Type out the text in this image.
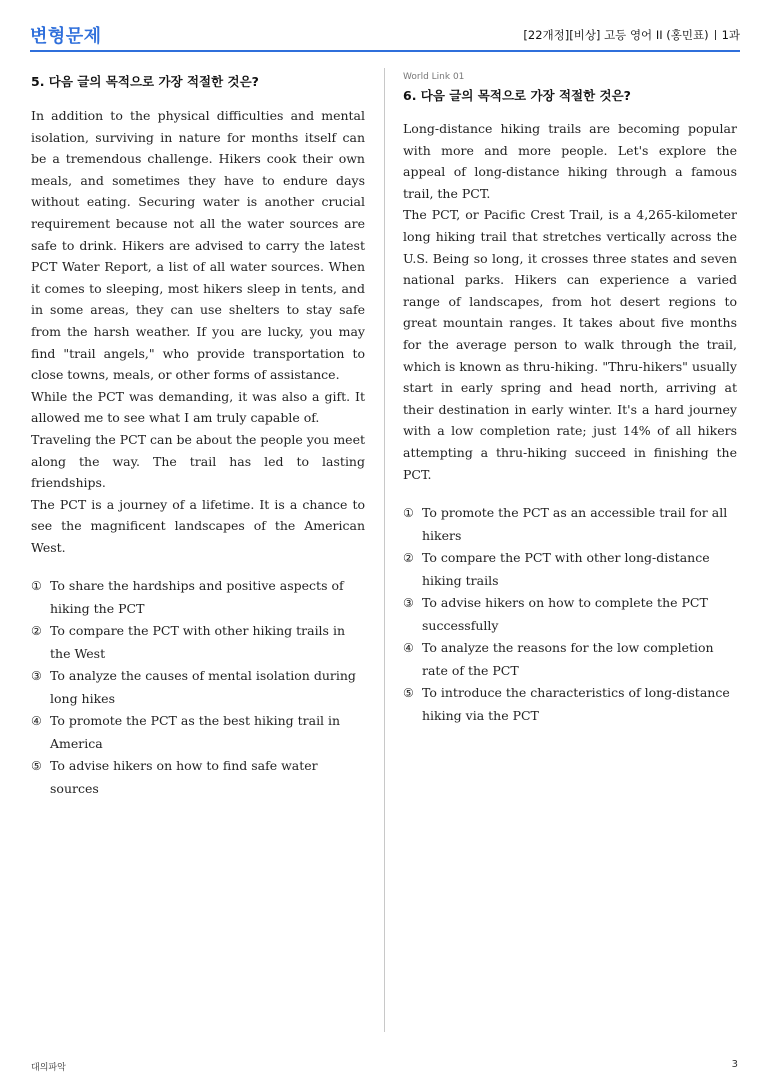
변형문제	[22개정][비상] 고등 영어 II (홍민표) 1과
5. 다음 글의 목적으로 가장 적절한 것은?

In addition to the physical difficulties and mental isolation, surviving in nature for months itself can be a tremendous challenge. Hikers cook their own meals, and sometimes they have to endure days without eating. Securing water is another crucial requirement because not all the water sources are safe to drink. Hikers are advised to carry the latest PCT Water Report, a list of all water sources. When it comes to sleeping, most hikers sleep in tents, and in some areas, they can use shelters to stay safe from the harsh weather. If you are lucky, you may find "trail angels," who provide transportation to close towns, meals, or other forms of assistance.

While the PCT was demanding, it was also a gift. It allowed me to see what I am truly capable of.

Traveling the PCT can be about the people you meet along the way. The trail has led to lasting friendships.

The PCT is a journey of a lifetime. It is a chance to see the magnificent landscapes of the American West.

① To share the hardships and positive aspects of hiking the PCT
② To compare the PCT with other hiking trails in the West
③ To analyze the causes of mental isolation during long hikes
④ To promote the PCT as the best hiking trail in America
⑤ To advise hikers on how to find safe water sources
World Link 01
6. 다음 글의 목적으로 가장 적절한 것은?

Long-distance hiking trails are becoming popular with more and more people. Let's explore the appeal of long-distance hiking through a famous trail, the PCT.

The PCT, or Pacific Crest Trail, is a 4,265-kilometer long hiking trail that stretches vertically across the U.S. Being so long, it crosses three states and seven national parks. Hikers can experience a varied range of landscapes, from hot desert regions to great mountain ranges. It takes about five months for the average person to walk through the trail, which is known as thru-hiking. "Thru-hikers" usually start in early spring and head north, arriving at their destination in early winter. It's a hard journey with a low completion rate; just 14% of all hikers attempting a thru-hiking succeed in finishing the PCT.

① To promote the PCT as an accessible trail for all hikers
② To compare the PCT with other long-distance hiking trails
③ To advise hikers on how to complete the PCT successfully
④ To analyze the reasons for the low completion rate of the PCT
⑤ To introduce the characteristics of long-distance hiking via the PCT
대의파악	3
